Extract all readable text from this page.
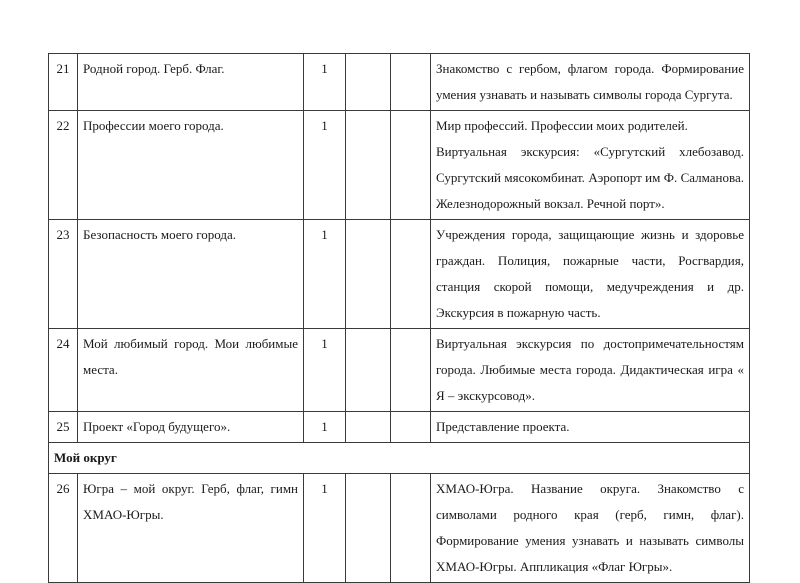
21	Родной город. Герб. Флаг.	1			Знакомство с гербом, флагом города. Формирование умения узнавать и называть символы города Сургута.
22	Профессии моего города.	1			Мир профессий. Профессии моих родителей.
Виртуальная экскурсия: «Сургутский хлебозавод. Сургутский мясокомбинат. Аэропорт им Ф. Салманова. Железнодорожный вокзал. Речной порт».

23	Безопасность моего города.	1			Учреждения города, защищающие жизнь и здоровье граждан. Полиция, пожарные части, Росгвардия, станция скорой помощи, медучреждения и др. Экскурсия в пожарную часть.
24	Мой любимый город. Мои любимые места.	1			Виртуальная экскурсия по достопримечательностям города. Любимые места города. Дидактическая игра « Я – экскурсовод».
25	Проект «Город будущего».	1			Представление проекта.
Мой округ					
26	Югра – мой округ. Герб, флаг, гимн ХМАО-Югры.	1			ХМАО-Югра. Название округа. Знакомство с символами родного края (герб, гимн, флаг). Формирование умения узнавать и называть символы ХМАО-Югры. Аппликация «Флаг Югры».
